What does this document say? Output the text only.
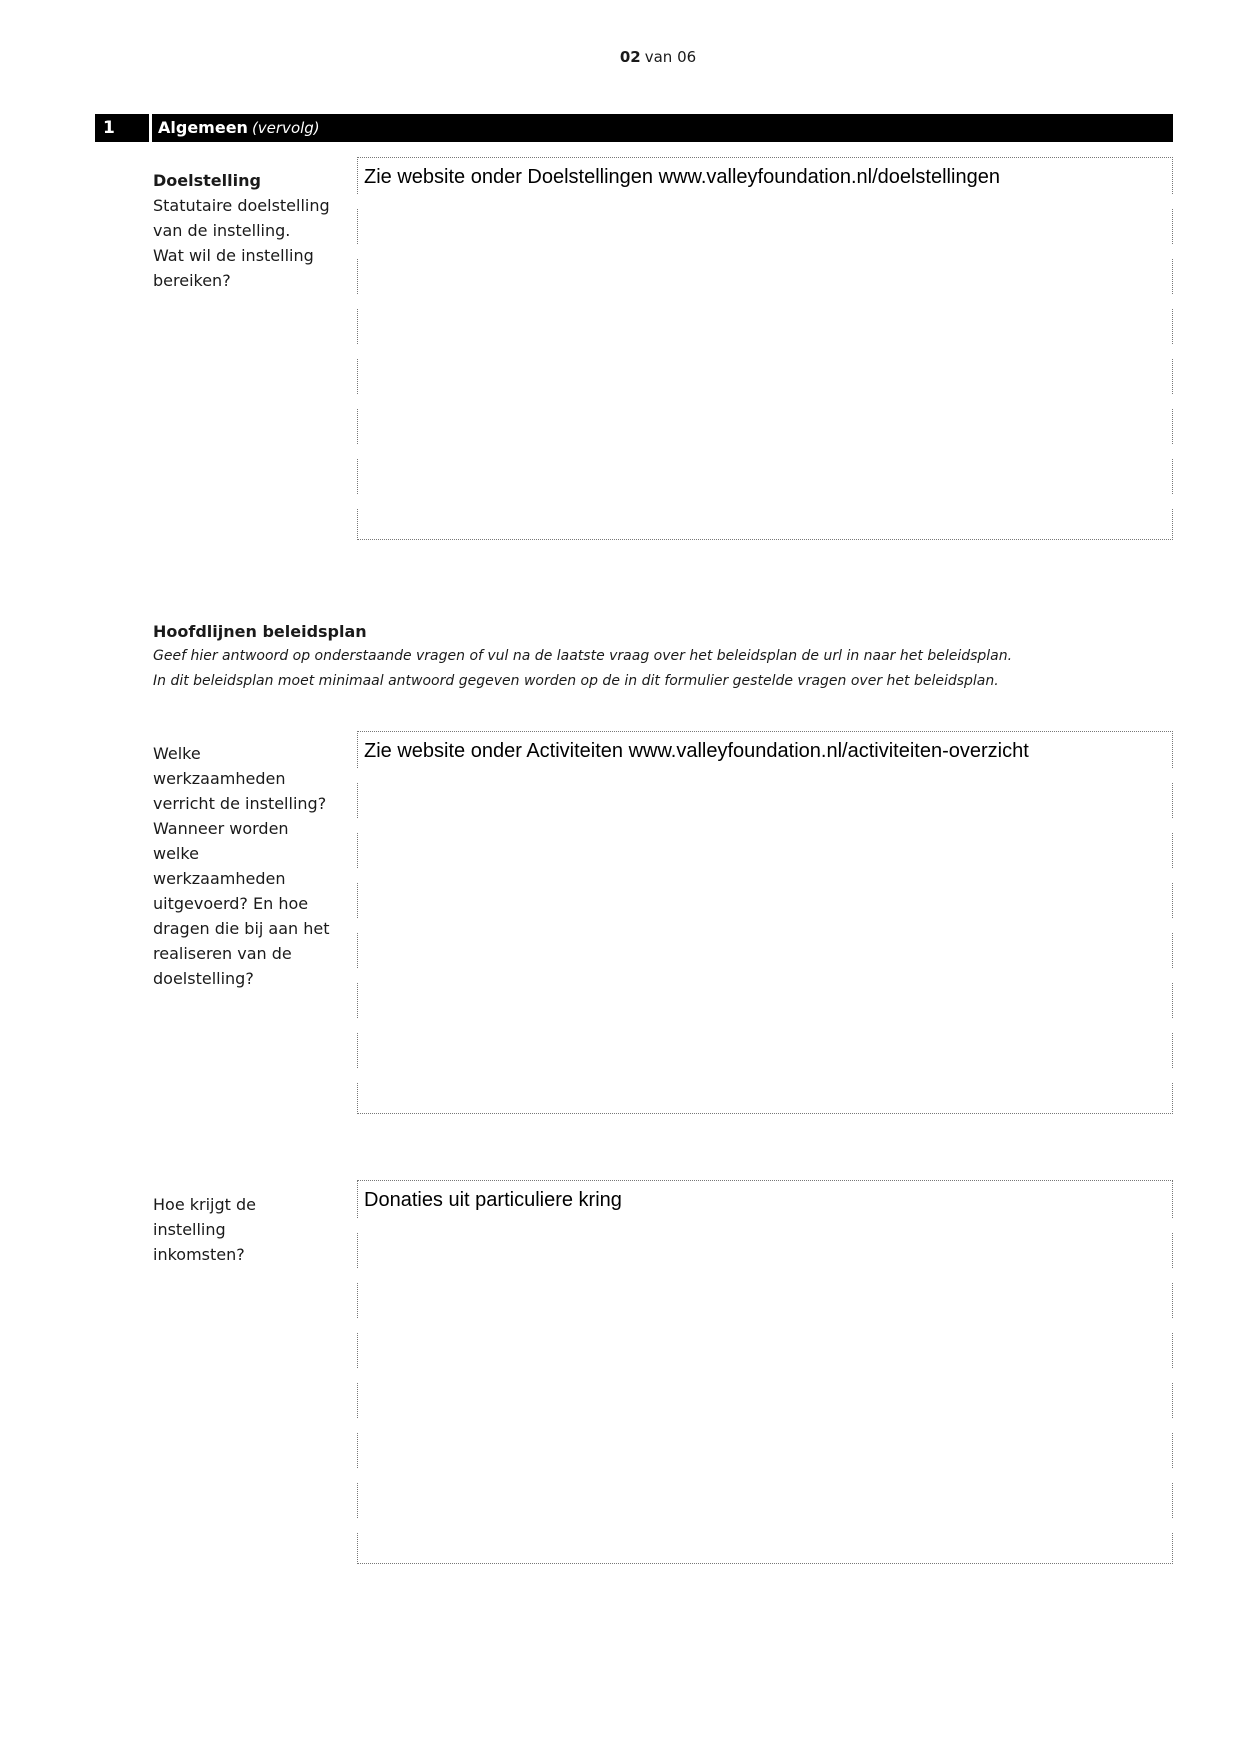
02 van 06
1	Algemeen (vervolg)
Doelstelling
Statutaire doelstelling
van de instelling.
Wat wil de instelling
bereiken?
Zie website onder Doelstellingen www.valleyfoundation.nl/doelstellingen
Hoofdlijnen beleidsplan
Geef hier antwoord op onderstaande vragen of vul na de laatste vraag over het beleidsplan de url in naar het beleidsplan.
In dit beleidsplan moet minimaal antwoord gegeven worden op de in dit formulier gestelde vragen over het beleidsplan.
Welke werkzaamheden
verricht de instelling?
Wanneer worden
welke werkzaamheden
uitgevoerd? En hoe
dragen die bij aan het
realiseren van de
doelstelling?
Zie website onder Activiteiten www.valleyfoundation.nl/activiteiten-overzicht
Hoe krijgt de instelling
inkomsten?
Donaties uit particuliere kring
